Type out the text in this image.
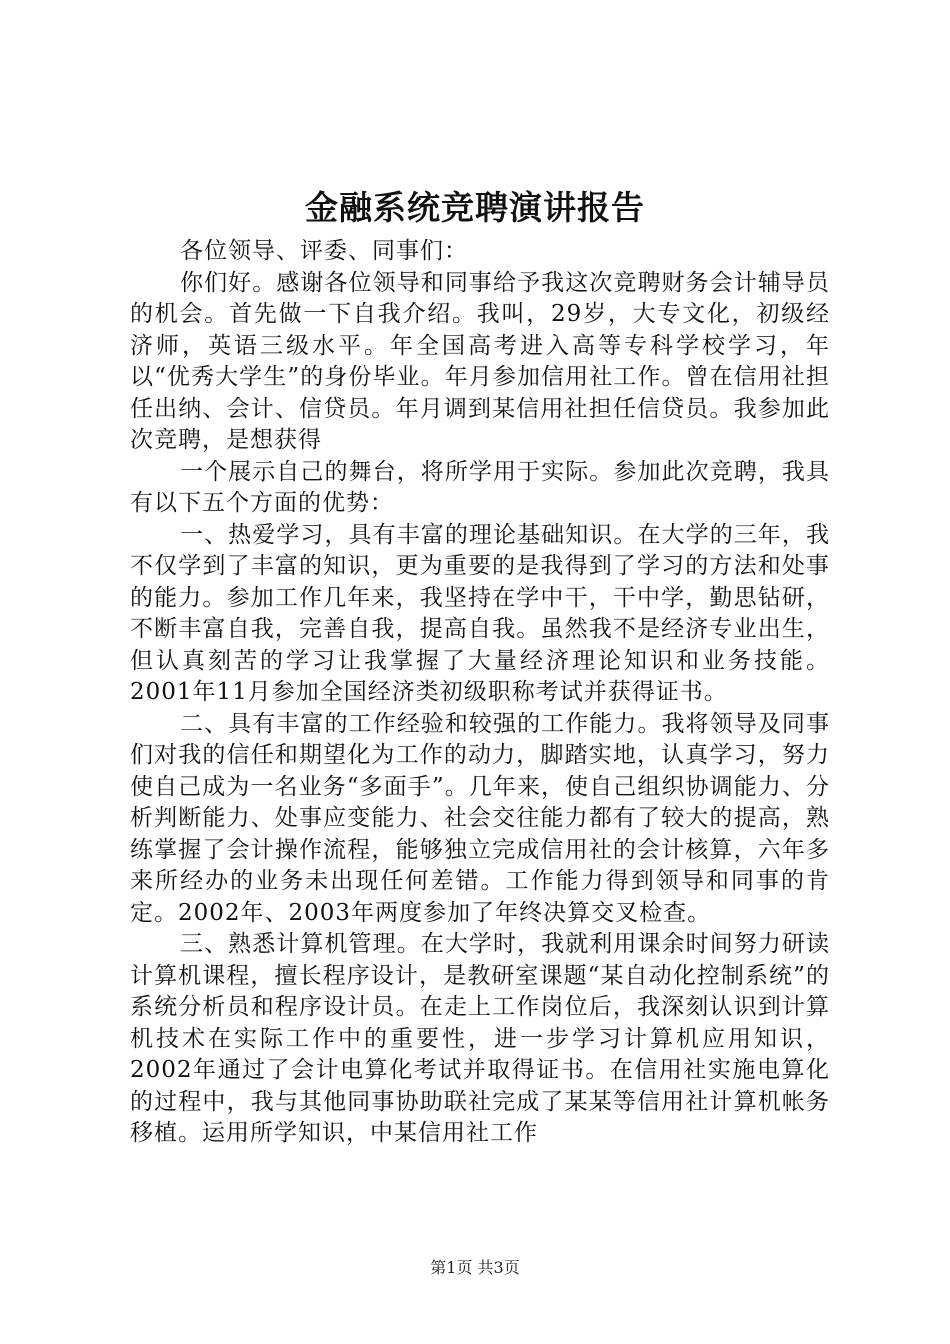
金融系统竞聘演讲报告

各位领导、评委、同事们：

你们好。感谢各位领导和同事给予我这次竞聘财务会计辅导员的机会。首先做一下自我介绍。我叫，29岁，大专文化，初级经济师，英语三级水平。年全国高考进入高等专科学校学习，年以“优秀大学生”的身份毕业。年月参加信用社工作。曾在信用社担任出纳、会计、信贷员。年月调到某信用社担任信贷员。我参加此次竞聘，是想获得

一个展示自己的舞台，将所学用于实际。参加此次竞聘，我具有以下五个方面的优势：

一、热爱学习，具有丰富的理论基础知识。在大学的三年，我不仅学到了丰富的知识，更为重要的是我得到了学习的方法和处事的能力。参加工作几年来，我坚持在学中干，干中学，勤思钻研，不断丰富自我，完善自我，提高自我。虽然我不是经济专业出生，但认真刻苦的学习让我掌握了大量经济理论知识和业务技能。2001年11月参加全国经济类初级职称考试并获得证书。

二、具有丰富的工作经验和较强的工作能力。我将领导及同事们对我的信任和期望化为工作的动力，脚踏实地，认真学习，努力使自己成为一名业务“多面手”。几年来，使自己组织协调能力、分析判断能力、处事应变能力、社会交往能力都有了较大的提高，熟练掌握了会计操作流程，能够独立完成信用社的会计核算，六年多来所经办的业务未出现任何差错。工作能力得到领导和同事的肯定。2002年、2003年两度参加了年终决算交叉检查。

三、熟悉计算机管理。在大学时，我就利用课余时间努力研读计算机课程，擅长程序设计，是教研室课题“某自动化控制系统”的系统分析员和程序设计员。在走上工作岗位后，我深刻认识到计算机技术在实际工作中的重要性，进一步学习计算机应用知识，2002年通过了会计电算化考试并取得证书。在信用社实施电算化的过程中，我与其他同事协助联社完成了某某等信用社计算机帐务移植。运用所学知识，中某信用社工作

第1页 共3页
